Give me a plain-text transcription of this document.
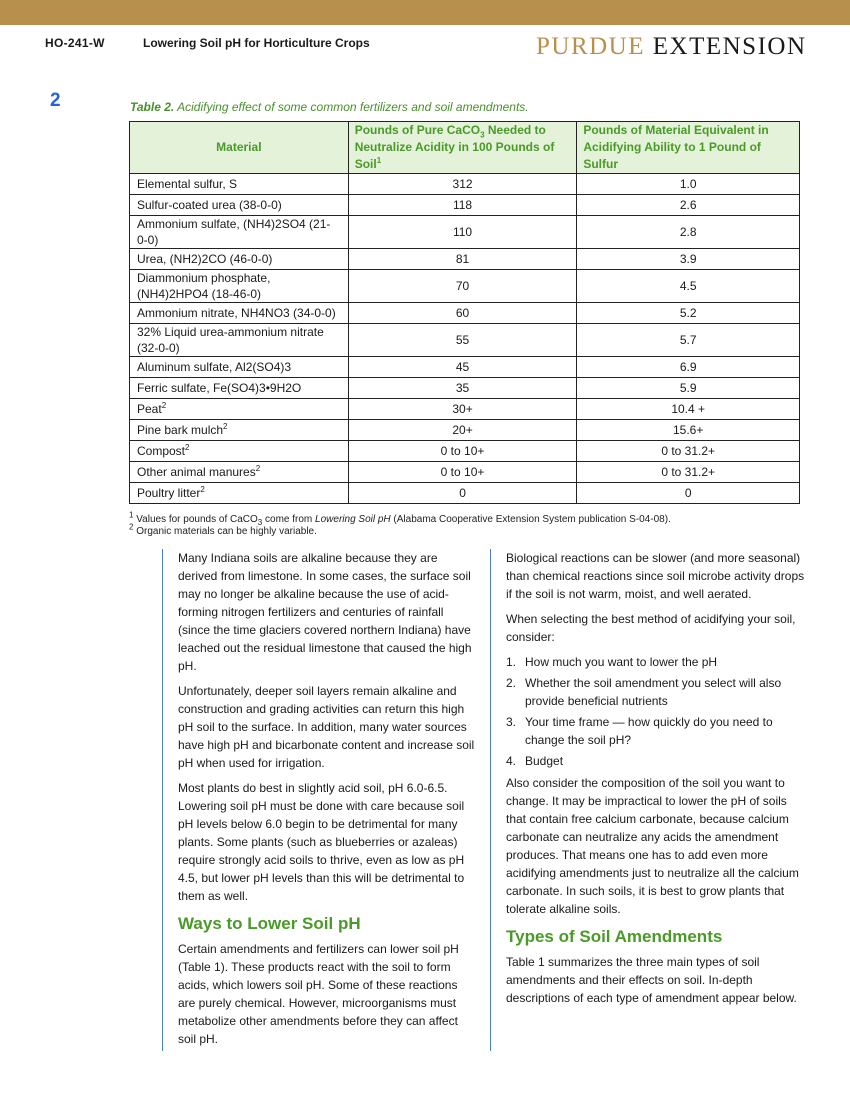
HO-241-W	Lowering Soil pH for Horticulture Crops	PURDUE EXTENSION
2	Table 2. Acidifying effect of some common fertilizers and soil amendments.
Material	Pounds of Pure CaCO$_3$ Needed to Neutralize Acidity in 100 Pounds of Soil$^1$	Pounds of Material Equivalent in Acidifying Ability to 1 Pound of Sulfur
Elemental sulfur, S	312	1.0
Sulfur-coated urea (38-0-0)	118	2.6
Ammonium sulfate, (NH4)2SO4 (21-0-0)	110	2.8
Urea, (NH2)2CO (46-0-0)	81	3.9
Diammonium phosphate, (NH4)2HPO4 (18-46-0)	70	4.5
Ammonium nitrate, NH4NO3 (34-0-0)	60	5.2
32% Liquid urea-ammonium nitrate (32-0-0)	55	5.7
Aluminum sulfate, Al2(SO4)3	45	6.9
Ferric sulfate, Fe(SO4)3•9H2O	35	5.9
Peat$^2$	30+	10.4 +
Pine bark mulch$^2$	20+	15.6+
Compost$^2$	0 to 10+	0 to 31.2+
Other animal manures$^2$	0 to 10+	0 to 31.2+
Poultry litter$^2$	0	0
$^1$ Values for pounds of CaCO$_3$ come from Lowering Soil pH (Alabama Cooperative Extension System publication S-04-08).
$^2$ Organic materials can be highly variable.

Many Indiana soils are alkaline because they are derived from limestone. In some cases, the surface soil may no longer be alkaline because the use of acid-forming nitrogen fertilizers and centuries of rainfall (since the time glaciers covered northern Indiana) have leached out the residual limestone that caused the high pH.

Unfortunately, deeper soil layers remain alkaline and construction and grading activities can return this high pH soil to the surface. In addition, many water sources have high pH and bicarbonate content and increase soil pH when used for irrigation.

Most plants do best in slightly acid soil, pH 6.0-6.5. Lowering soil pH must be done with care because soil pH levels below 6.0 begin to be detrimental for many plants. Some plants (such as blueberries or azaleas) require strongly acid soils to thrive, even as low as pH 4.5, but lower pH levels than this will be detrimental to them as well.

Ways to Lower Soil pH

Certain amendments and fertilizers can lower soil pH (Table 1). These products react with the soil to form acids, which lowers soil pH. Some of these reactions are purely chemical. However, microorganisms must metabolize other amendments before they can affect soil pH.

Biological reactions can be slower (and more seasonal) than chemical reactions since soil microbe activity drops if the soil is not warm, moist, and well aerated.

When selecting the best method of acidifying your soil, consider:

1. How much you want to lower the pH
2. Whether the soil amendment you select will also provide beneficial nutrients
3. Your time frame — how quickly do you need to change the soil pH?
4. Budget

Also consider the composition of the soil you want to change. It may be impractical to lower the pH of soils that contain free calcium carbonate, because calcium carbonate can neutralize any acids the amendment produces. That means one has to add even more acidifying amendments just to neutralize all the calcium carbonate. In such soils, it is best to grow plants that tolerate alkaline soils.

Types of Soil Amendments

Table 1 summarizes the three main types of soil amendments and their effects on soil. In-depth descriptions of each type of amendment appear below.
